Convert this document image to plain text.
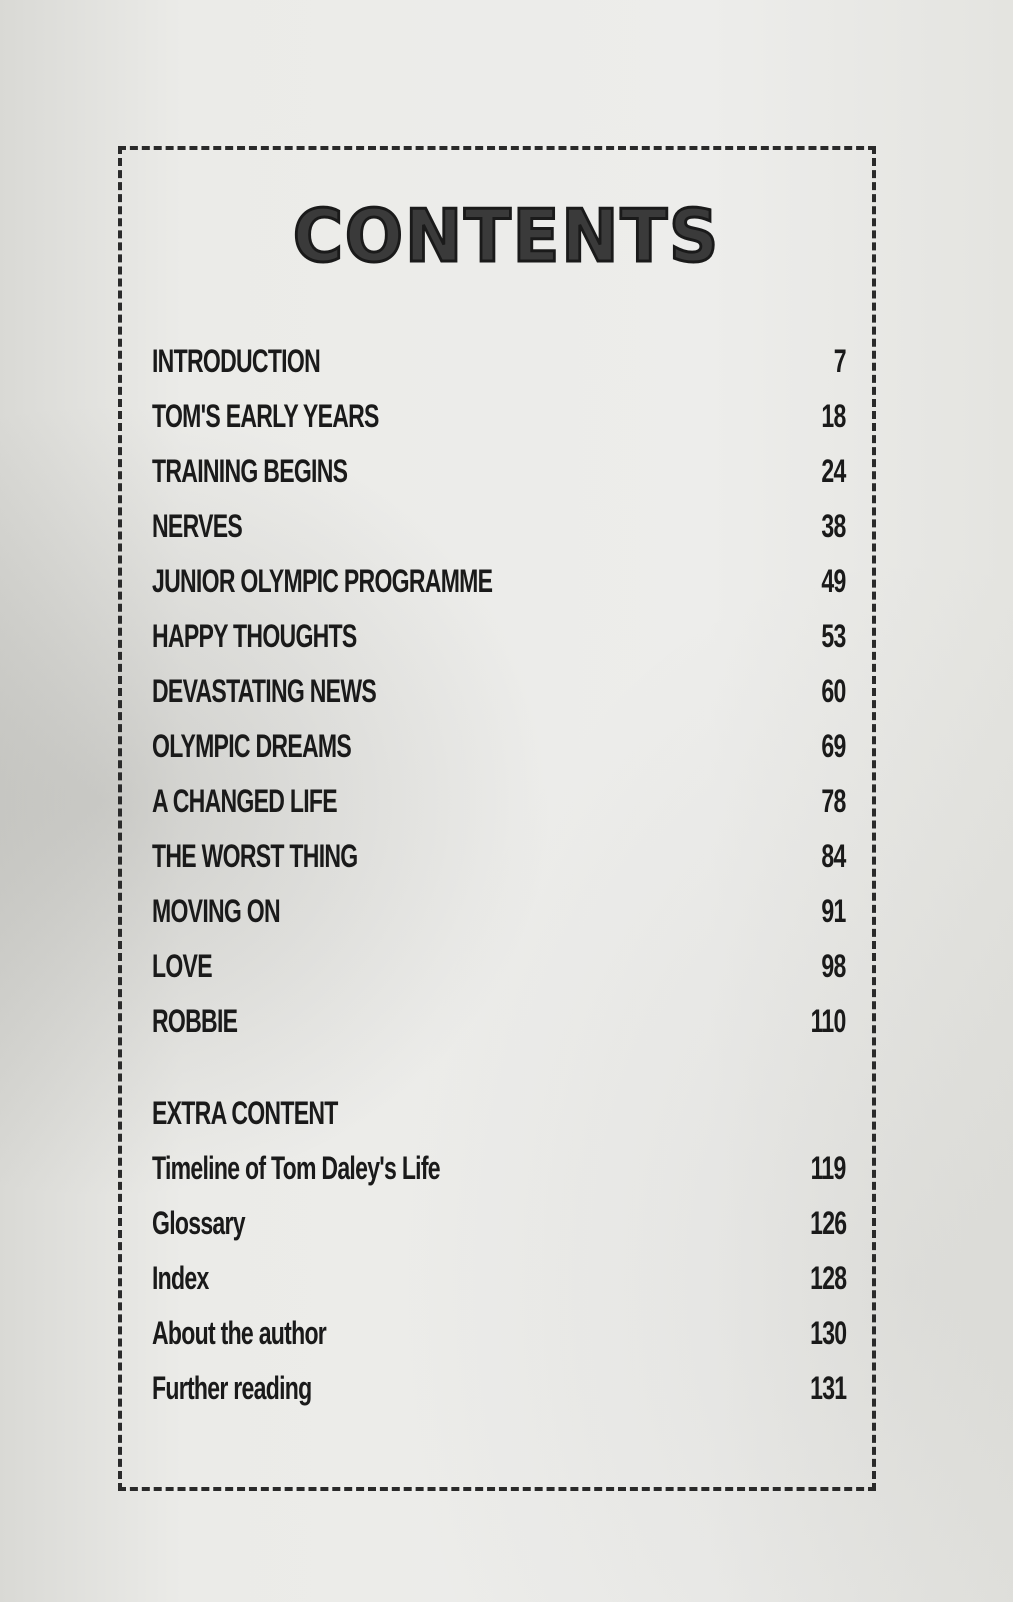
CONTENTS
INTRODUCTION	7
TOM'S EARLY YEARS	18
TRAINING BEGINS	24
NERVES	38
JUNIOR OLYMPIC PROGRAMME	49
HAPPY THOUGHTS	53
DEVASTATING NEWS	60
OLYMPIC DREAMS	69
A CHANGED LIFE	78
THE WORST THING	84
MOVING ON	91
LOVE	98
ROBBIE	110
EXTRA CONTENT
Timeline of Tom Daley's Life	119
Glossary	126
Index	128
About the author	130
Further reading	131
